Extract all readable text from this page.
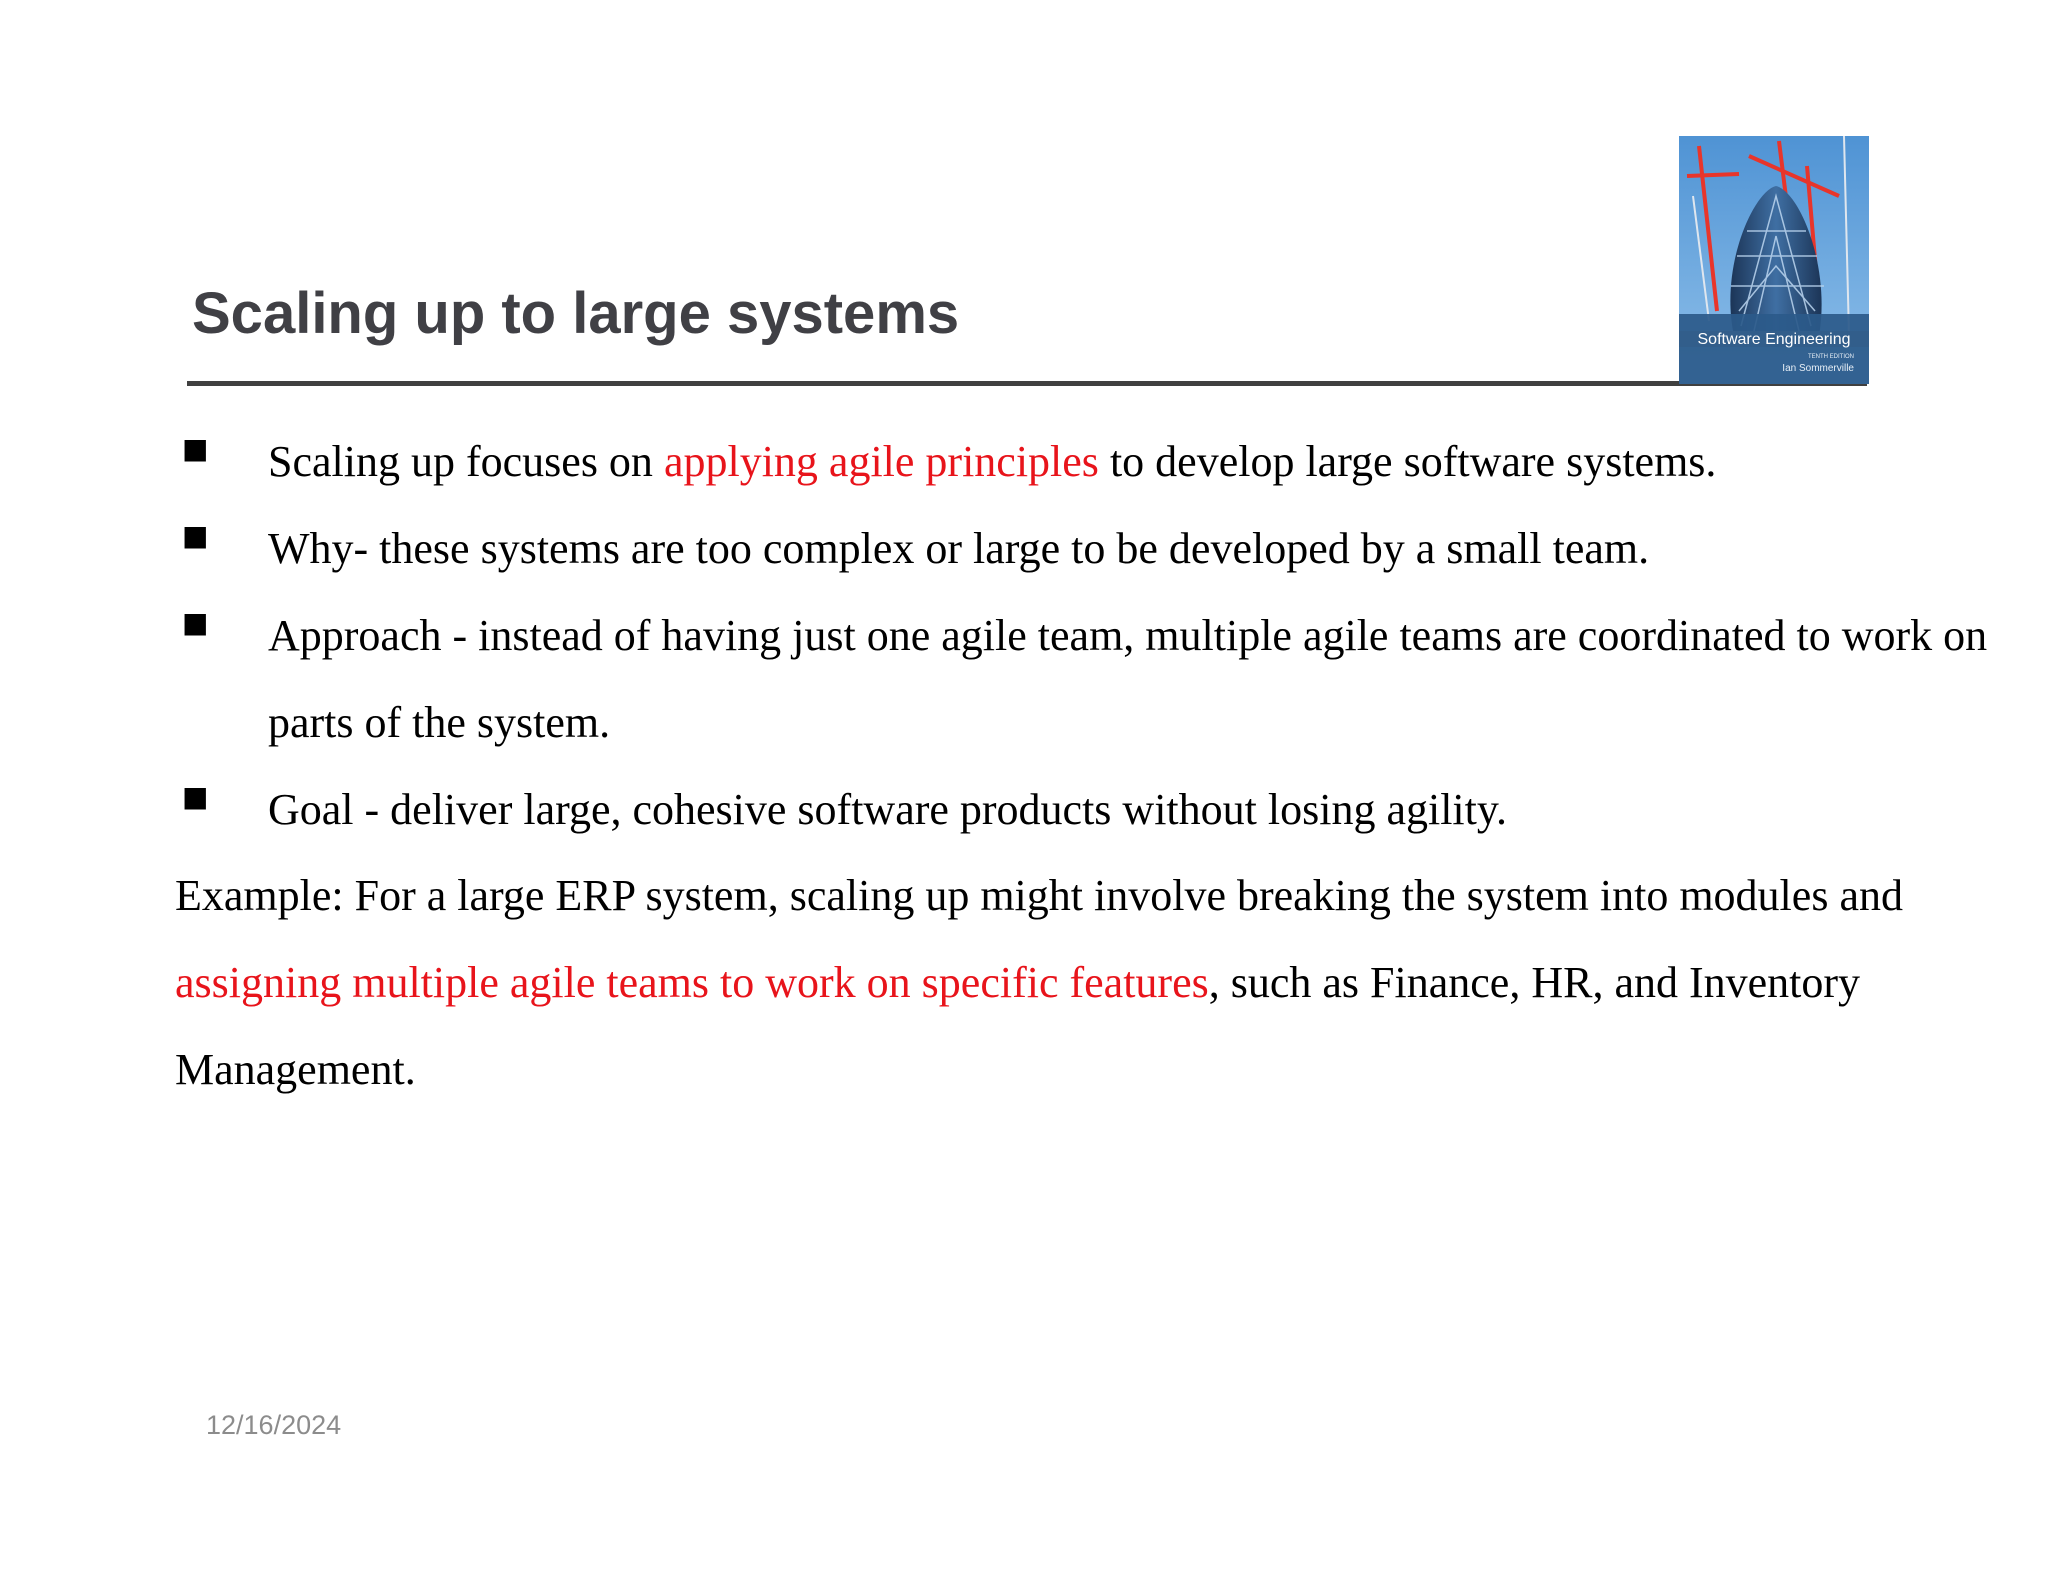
Scaling up to large systems	Software Engineering
TENTH EDITION
Ian Sommerville
■ Scaling up focuses on applying agile principles to develop large software systems.
■ Why- these systems are too complex or large to be developed by a small team.
■ Approach - instead of having just one agile team, multiple agile teams are coordinated to work on parts of the system.
■ Goal - deliver large, cohesive software products without losing agility.

Example: For a large ERP system, scaling up might involve breaking the system into modules and assigning multiple agile teams to work on specific features, such as Finance, HR, and Inventory Management.

12/16/2024
